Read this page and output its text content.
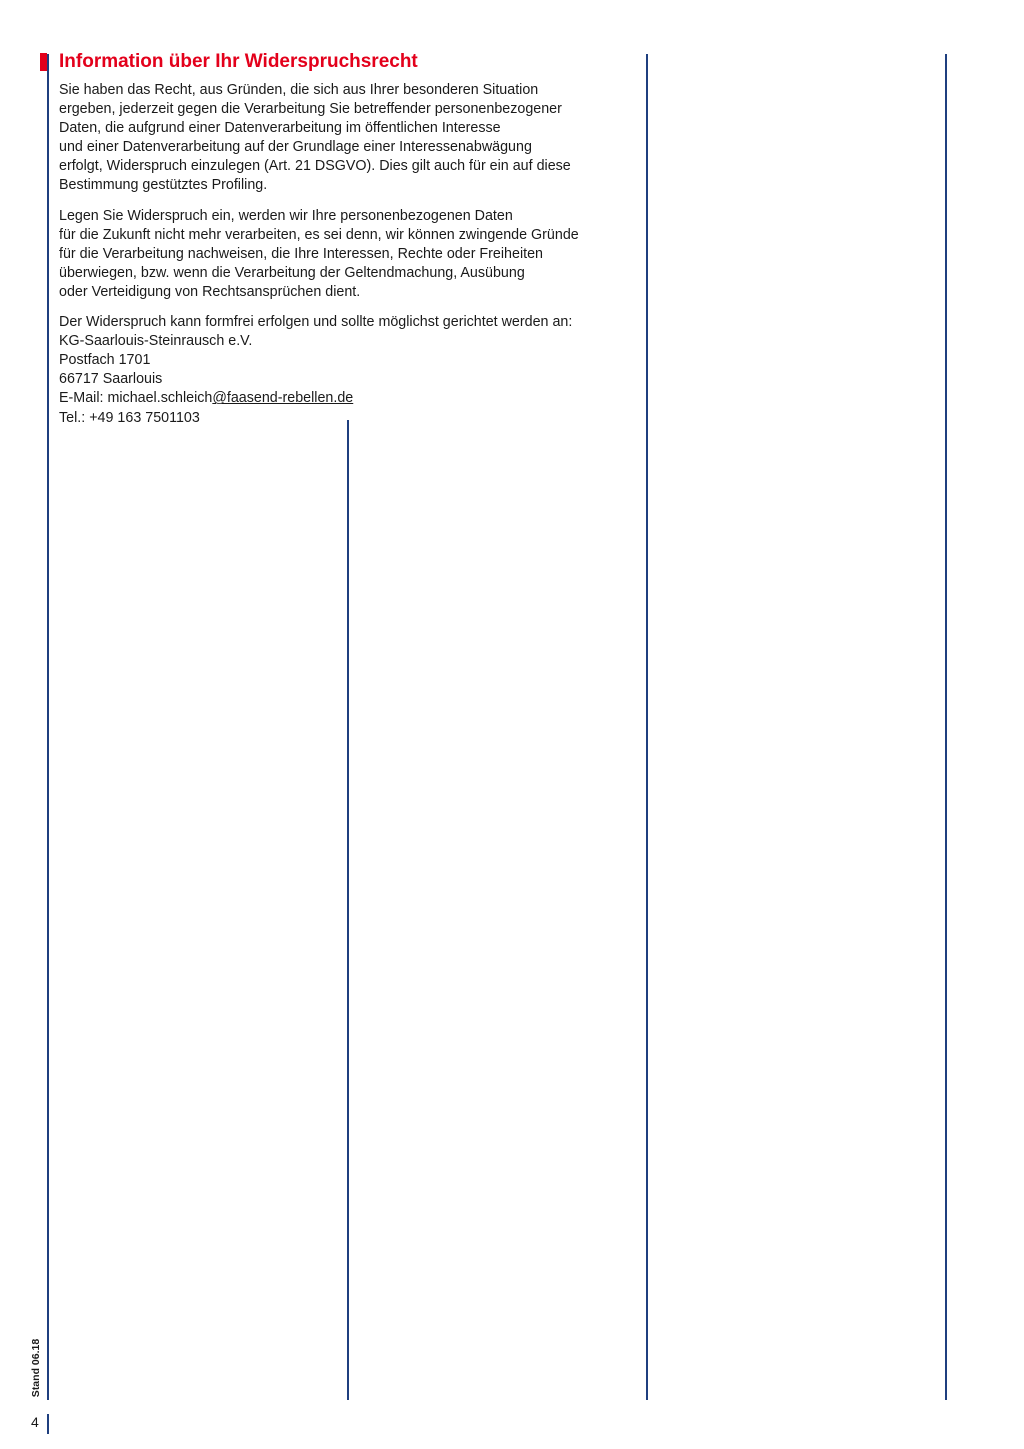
Information über Ihr Widerspruchsrecht

Sie haben das Recht, aus Gründen, die sich aus Ihrer besonderen Situation
ergeben, jederzeit gegen die Verarbeitung Sie betreffender personenbezogener
Daten, die aufgrund einer Datenverarbeitung im öffentlichen Interesse
und einer Datenverarbeitung auf der Grundlage einer Interessenabwägung
erfolgt, Widerspruch einzulegen (Art. 21 DSGVO). Dies gilt auch für ein auf diese
Bestimmung gestütztes Profiling.

Legen Sie Widerspruch ein, werden wir Ihre personenbezogenen Daten
für die Zukunft nicht mehr verarbeiten, es sei denn, wir können zwingende Gründe
für die Verarbeitung nachweisen, die Ihre Interessen, Rechte oder Freiheiten
überwiegen, bzw. wenn die Verarbeitung der Geltendmachung, Ausübung
oder Verteidigung von Rechtsansprüchen dient.

Der Widerspruch kann formfrei erfolgen und sollte möglichst gerichtet werden an:
KG-Saarlouis-Steinrausch e.V.
Postfach 1701
66717 Saarlouis
E-Mail: michael.schleich@faasend-rebellen.de
Tel.: +49 163 7501103

Stand 06.18
4
